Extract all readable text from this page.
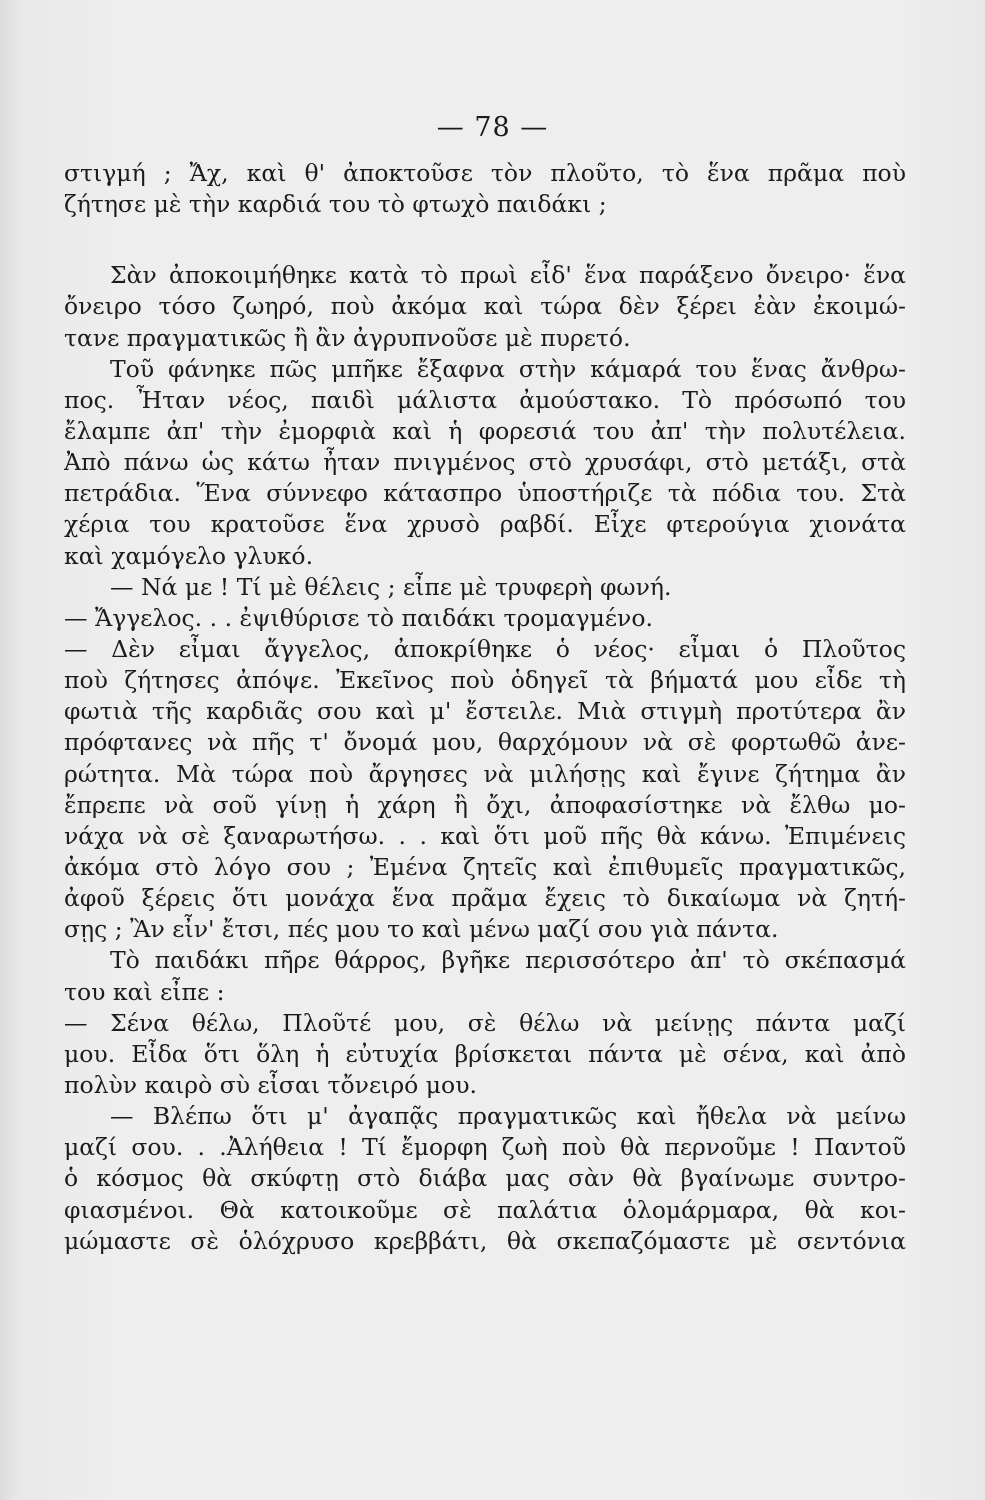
— 78 —
στιγμή ; Ἄχ, καὶ θ' ἀποκτοῦσε τὸν πλοῦτο, τὸ ἕνα πρᾶμα ποὺ
ζήτησε μὲ τὴν καρδιά του τὸ φτωχὸ παιδάκι ;
Σὰν ἀποκοιμήθηκε κατὰ τὸ πρωὶ εἶδ' ἕνα παράξενο ὄνειρο· ἕνα
ὄνειρο τόσο ζωηρό, ποὺ ἀκόμα καὶ τώρα δὲν ξέρει ἐὰν ἐκοιμώ-
τανε πραγματικῶς ἢ ἂν ἀγρυπνοῦσε μὲ πυρετό.
Τοῦ φάνηκε πῶς μπῆκε ἔξαφνα στὴν κάμαρά του ἕνας ἄνθρω-
πος. Ἦταν νέος, παιδὶ μάλιστα ἀμούστακο. Τὸ πρόσωπό του
ἔλαμπε ἀπ' τὴν ἐμορφιὰ καὶ ἡ φορεσιά του ἀπ' τὴν πολυτέλεια.
Ἀπὸ πάνω ὡς κάτω ἦταν πνιγμένος στὸ χρυσάφι, στὸ μετάξι, στὰ
πετράδια. Ἕνα σύννεφο κάτασπρο ὑποστήριζε τὰ πόδια του. Στὰ
χέρια του κρατοῦσε ἕνα χρυσὸ ραβδί. Εἶχε φτερούγια χιονάτα
καὶ χαμόγελο γλυκό.
— Νά με ! Τί μὲ θέλεις ; εἶπε μὲ τρυφερὴ φωνή.
— Ἄγγελος. . . ἐψιθύρισε τὸ παιδάκι τρομαγμένο.
— Δὲν εἶμαι ἄγγελος, ἀποκρίθηκε ὁ νέος· εἶμαι ὁ Πλοῦτος
ποὺ ζήτησες ἀπόψε. Ἐκεῖνος ποὺ ὁδηγεῖ τὰ βήματά μου εἶδε τὴ
φωτιὰ τῆς καρδιᾶς σου καὶ μ' ἔστειλε. Μιὰ στιγμὴ προτύτερα ἂν
πρόφτανες νὰ πῆς τ' ὄνομά μου, θαρχόμουν νὰ σὲ φορτωθῶ ἀνε-
ρώτητα. Μὰ τώρα ποὺ ἄργησες νὰ μιλήσῃς καὶ ἔγινε ζήτημα ἂν
ἔπρεπε νὰ σοῦ γίνῃ ἡ χάρη ἢ ὄχι, ἀποφασίστηκε νὰ ἔλθω μο-
νάχα νὰ σὲ ξαναρωτήσω. . . καὶ ὅτι μοῦ πῆς θὰ κάνω. Ἐπιμένεις
ἀκόμα στὸ λόγο σου ; Ἐμένα ζητεῖς καὶ ἐπιθυμεῖς πραγματικῶς,
ἀφοῦ ξέρεις ὅτι μονάχα ἕνα πρᾶμα ἔχεις τὸ δικαίωμα νὰ ζητή-
σῃς ; Ἂν εἶν' ἔτσι, πές μου το καὶ μένω μαζί σου γιὰ πάντα.
Τὸ παιδάκι πῆρε θάρρος, βγῆκε περισσότερο ἀπ' τὸ σκέπασμά
του καὶ εἶπε :
— Σένα θέλω, Πλοῦτέ μου, σὲ θέλω νὰ μείνῃς πάντα μαζί
μου. Εἶδα ὅτι ὅλη ἡ εὐτυχία βρίσκεται πάντα μὲ σένα, καὶ ἀπὸ
πολὺν καιρὸ σὺ εἶσαι τὄνειρό μου.
— Βλέπω ὅτι μ' ἀγαπᾷς πραγματικῶς καὶ ἤθελα νὰ μείνω
μαζί σου. . .Ἀλήθεια ! Τί ἔμορφη ζωὴ ποὺ θὰ περνοῦμε ! Παντοῦ
ὁ κόσμος θὰ σκύφτῃ στὸ διάβα μας σὰν θὰ βγαίνωμε συντρο-
φιασμένοι. Θὰ κατοικοῦμε σὲ παλάτια ὁλομάρμαρα, θὰ κοι-
μώμαστε σὲ ὁλόχρυσο κρεββάτι, θὰ σκεπαζόμαστε μὲ σεντόνια
